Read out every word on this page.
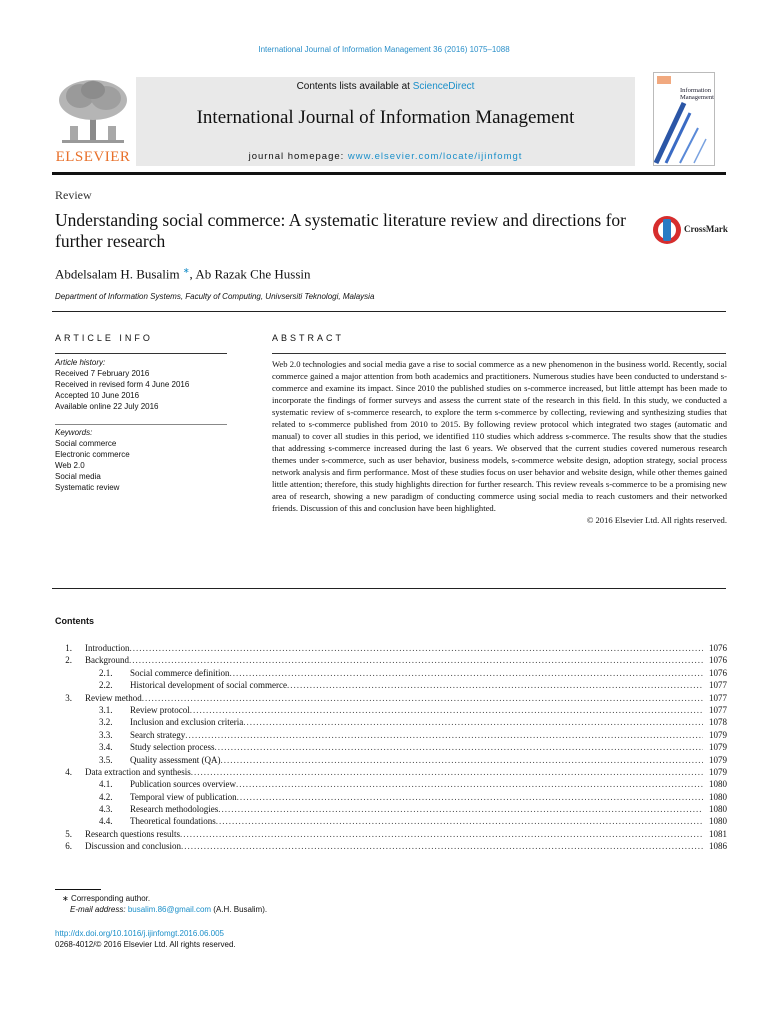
International Journal of Information Management 36 (2016) 1075–1088
ELSEVIER
Contents lists available at ScienceDirect
International Journal of Information Management
journal homepage: www.elsevier.com/locate/ijinfomgt
Information
Management
Review
Understanding social commerce: A systematic literature review and directions for further research
CrossMark
Abdelsalam H. Busalim ∗, Ab Razak Che Hussin
Department of Information Systems, Faculty of Computing, Univsersiti Teknologi, Malaysia
ARTICLE INFO	ABSTRACT
Article history:
Received 7 February 2016
Received in revised form 4 June 2016
Accepted 10 June 2016
Available online 22 July 2016
Keywords:
Social commerce
Electronic commerce
Web 2.0
Social media
Systematic review
Web 2.0 technologies and social media gave a rise to social commerce as a new phenomenon in the business world. Recently, social commerce gained a major attention from both academics and practitioners. Numerous studies have been conducted to understand s-commerce and examine its impact. Since 2010 the published studies on s-commerce increased, but little attempt has been made to incorporate the findings of former surveys and assess the current state of the research in this field. In this study, we conducted a systematic review of s-commerce research, to explore the term s-commerce by collecting, reviewing and synthesizing studies that related to s-commerce published from 2010 to 2015. By following review protocol which integrated two stages (automatic and manual) to cover all studies in this period, we identified 110 studies which address s-commerce. The results show that the studies that addressing s-commerce increased during the last 6 years. We observed that the current studies covered numerous research themes under s-commerce, such as user behavior, business models, s-commerce website design, adoption strategy, social process network analysis and firm performance. Most of these studies focus on user behavior and website design, while other themes gained little attention; therefore, this study highlights direction for further research. This review reveals s-commerce to be a promising new area of research, showing a new paradigm of conducting commerce using social media to reach customers and their networked friends. Discussion of this and conclusion have been highlighted.
© 2016 Elsevier Ltd. All rights reserved.
Contents
1. Introduction .....	1076
2. Background .....	1076
2.1.	Social commerce definition .....	1076
2.2.	Historical development of social commerce .....	1077
3. Review method .....	1077
3.1.	Review protocol .....	1077
3.2.	Inclusion and exclusion criteria .....	1078
3.3.	Search strategy .....	1079
3.4.	Study selection process .....	1079
3.5.	Quality assessment (QA) .....	1079
4. Data extraction and synthesis .....	1079
4.1.	Publication sources overview .....	1080
4.2.	Temporal view of publication .....	1080
4.3.	Research methodologies .....	1080
4.4.	Theoretical foundations .....	1080
5. Research questions results .....	1081
6. Discussion and conclusion .....	1086
∗ Corresponding author.
E-mail address: busalim.86@gmail.com (A.H. Busalim).
http://dx.doi.org/10.1016/j.ijinfomgt.2016.06.005
0268-4012/© 2016 Elsevier Ltd. All rights reserved.
